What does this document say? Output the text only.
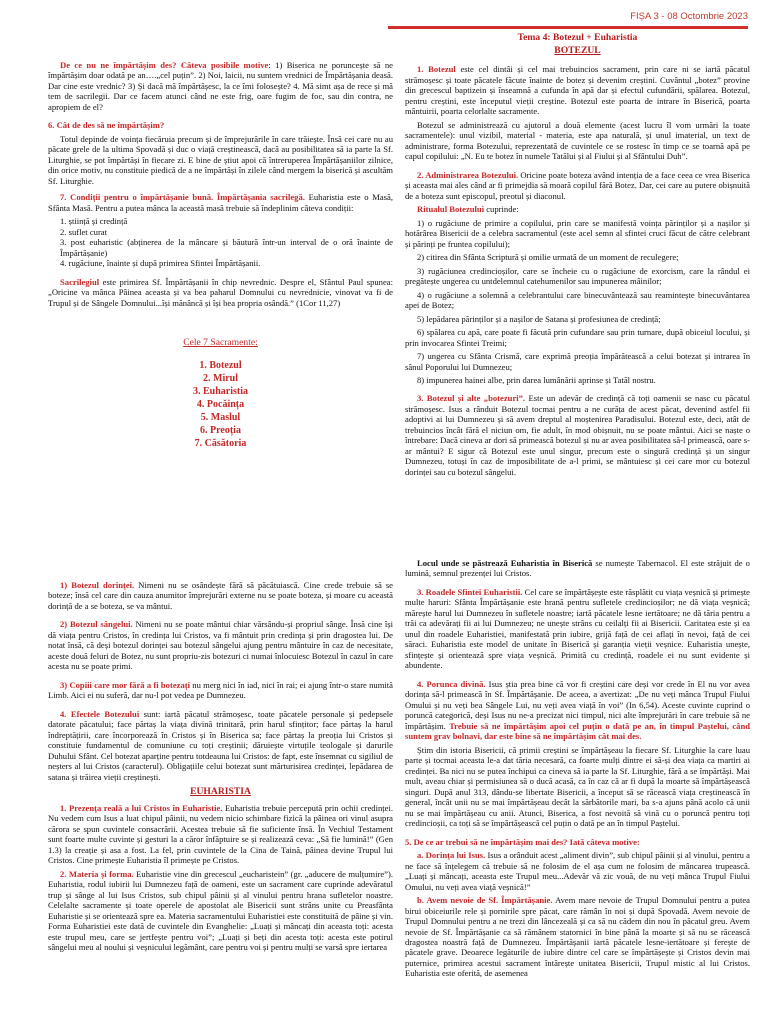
FIȘA 3 - 08 Octombrie 2023

De ce nu ne împărtășim des? Câteva posibile motive: 1) Biserica ne poruncește să ne împărtășim doar odată pe an….„cel puțin”. 2) Noi, laicii, nu suntem vrednici de Împărtășania deasă. Dar cine este vrednic? 3) Și dacă mă împărtășesc, la ce îmi folosește? 4. Mă simt așa de rece și mă tem de sacrilegii. Dar ce facem atunci când ne este frig, oare fugim de foc, sau din contra, ne apropiem de el?

6. Cât de des să ne împărtășim?

Totul depinde de voința fiecăruia precum și de împrejurările în care trăiește. Însă cei care nu au păcate grele de la ultima Spovadă și duc o viață creștinească, dacă au posibilitatea să ia parte la Sf. Liturghie, se pot împărtăși în fiecare zi. E bine de știut apoi că întreruperea Împărtășaniilor zilnice, din orice motiv, nu constituie piedică de a ne împărtăși în zilele când mergem la biserică și ascultăm Sf. Liturghie.

7. Condiții pentru o împărtășanie bună. Împărtășania sacrilegă. Euharistia este o Masă, Sfânta Masă. Pentru a putea mânca la această masă trebuie să îndeplinim câteva condiții:

1. știință și credință
2. suflet curat
3. post euharistic (abținerea de la mâncare și băutură într-un interval de o oră înainte de Împărtășanie)
4. rugăciune, înainte și după primirea Sfintei Împărtășanii.

Sacrilegiul este primirea Sf. Împărtășanii în chip nevrednic. Despre el, Sfântul Paul spunea: „Oricine va mânca Pâinea aceasta și va bea paharul Domnului cu nevrednicie, vinovat va fi de Trupul și de Sângele Domnului...își mănâncă și își bea propria osândă.” (1Cor 11,27)

Cele 7 Sacramente:
1. Botezul
2. Mirul
3. Euharistia
4. Pocăința
5. Maslul
6. Preoția
7. Căsătoria
Tema 4: Botezul + Euharistia
BOTEZUL

1. Botezul este cel dintâi și cel mai trebuincios sacrament, prin care ni se iartă păcatul strămoșesc și toate păcatele făcute înainte de botez și devenim creștini. Cuvântul „botez” provine din grecescul baptizein și înseamnă a cufunda în apă dar și efectul cufundării, spălarea. Botezul, pentru creștini, este începutul vieții creștine. Botezul este poarta de intrare în Biserică, poarta mântuirii, poarta celorlalte sacramente.

Botezul se administrează cu ajutorul a două elemente (acest lucru îl vom urmări la toate sacramentele): unul vizibil, material - materia, este apa naturală, și unul imaterial, un text de administrare, forma Botezului, reprezentată de cuvintele ce se rostesc în timp ce se toarnă apă pe capul copilului: „N. Eu te botez în numele Tatălui și al Fiului și al Sfântului Duh”.

2. Administrarea Botezului. Oricine poate boteza având intenția de a face ceea ce vrea Biserica și aceasta mai ales când ar fi primejdia să moară copilul fără Botez. Dar, cei care au putere obișnuită de a boteza sunt episcopul, preotul și diaconul.

Ritualul Botezului cuprinde:

1) o rugăciune de primire a copilului, prin care se manifestă voința părinților și a nașilor și hotărârea Bisericii de a celebra sacramentul (este acel semn al sfintei cruci făcut de către celebrant și părinți pe fruntea copilului);

2) citirea din Sfânta Scriptură și omilie urmată de un moment de reculegere;

3) rugăciunea credincioșilor, care se încheie cu o rugăciune de exorcism, care la rândul ei pregătește ungerea cu untdelemnul catehumenilor sau impunerea mâinilor;

4) o rugăciune a solemnă a celebrantului care binecuvântează sau reamintește binecuvântarea apei de Botez;

5) lepădarea părinților și a nașilor de Satana și profesiunea de credință;

6) spălarea cu apă, care poate fi făcută prin cufundare sau prin turnare, după obiceiul locului, și prin invocarea Sfintei Treimi;

7) ungerea cu Sfânta Crismă, care exprimă preoția împărătească a celui botezat și intrarea în sânul Poporului lui Dumnezeu;

8) impunerea hainei albe, prin darea lumânării aprinse și Tatăl nostru.

3. Botezul și alte „botezuri”. Este un adevăr de credință că toți oamenii se nasc cu păcatul strămoșesc. Isus a rânduit Botezul tocmai pentru a ne curăța de acest păcat, devenind astfel fii adoptivi ai lui Dumnezeu și să avem dreptul al moștenirea Paradisului. Botezul este, deci, atât de trebuincios încât fără el niciun om, fie adult, în mod obișnuit, nu se poate mântui. Aici se naște o întrebare: Dacă cineva ar dori să primească botezul și nu ar avea posibilitatea să-l primească, oare s-ar mântui? E sigur că Botezul este unul singur, precum este o singură credință și un singur Dumnezeu, totuși în caz de imposibilitate de a-l primi, se mântuiesc și cei care mor cu botezul dorinței sau cu botezul sângelui.

1) Botezul dorinței. Nimeni nu se osândește fără să păcătuiască. Cine crede trebuie să se boteze; însă cel care din cauza anumitor împrejurări externe nu se poate boteza, și moare cu această dorință de a se boteza, se va mântui.

2) Botezul sângelui. Nimeni nu se poate mântui chiar vărsându-și propriul sânge. Însă cine își dă viața pentru Cristos, în credința lui Cristos, va fi mântuit prin credința și prin dragostea lui. De notat însă, că deși botezul dorinței sau botezul sângelui ajung pentru mântuire în caz de necesitate, aceste două feluri de Botez, nu sunt propriu-zis botezuri ci numai înlocuiesc Botezul în cazul în care acesta nu se poate primi.

3) Copiii care mor fără a fi botezați nu merg nici în iad, nici în rai; ei ajung într-o stare numită Limb. Aici ei nu suferă, dar nu-l pot vedea pe Dumnezeu.

4. Efectele Botezului sunt: iartă păcatul strămoșesc, toate păcatele personale și pedepsele datorate păcatului; face părtaș la viața divină trinitară, prin harul sfințitor; face părtaș la harul îndreptățirii, care încorporează în Cristos și în Biserica sa; face părtaș la preoția lui Cristos și constituie fundamentul de comuniune cu toți creștinii; dăruiește virtuțile teologale și darurile Duhului Sfânt. Cel botezat aparține pentru totdeauna lui Cristos: de fapt, este însemnat cu sigiliul de neșters al lui Cristos (caracterul). Obligațiile celui botezat sunt mărturisirea credinței, lepădarea de satana și trăirea vieții creștinești.

EUHARISTIA

1. Prezența reală a lui Cristos în Euharistie. Euharistia trebuie percepută prin ochii credinței. Nu vedem cum Isus a luat chipul pâinii, nu vedem nicio schimbare fizică la pâinea ori vinul asupra cărora se spun cuvintele consacrării. Acestea trebuie să fie suficiente însă. În Vechiul Testament sunt foarte multe cuvinte și gesturi la a căror înfăptuire se și realizează ceva: „Să fie lumină!” (Gen 1.3) la creație și asa a fost. La fel, prin cuvintele de la Cina de Taină, pâinea devine Trupul lui Cristos. Cine primește Euharistia îl primește pe Cristos.

2. Materia și forma. Euharistie vine din grecescul „eucharistein” (gr. „aducere de mulțumire”). Euharistia, rodul iubirii lui Dumnezeu față de oameni, este un sacrament care cuprinde adevăratul trup și sânge al lui Isus Cristos, sub chipul pâinii și al vinului pentru hrana sufletelor noastre. Celelalte sacramente și toate operele de apostolat ale Bisericii sunt strâns unite cu Preasfânta Euharistie și se orientează spre ea. Materia sacramentului Euharistiei este constituită de pâine și vin. Forma Euharistiei este dată de cuvintele din Evanghelie: „Luați și mâncați din aceasta toți: acesta este trupul meu, care se jertfește pentru voi”; „Luați și beți din acesta toți: acesta este potirul sângelui meu al noului și veșnicului legământ, care pentru voi și pentru mulți se varsă spre iertarea

Locul unde se păstrează Euharistia în Biserică se numește Tabernacol. El este străjuit de o lumină, semnul prezenței lui Cristos.

3. Roadele Sfintei Euharistii. Cel care se împărtășește este răsplătit cu viața veșnică și primește multe haruri: Sfânta Împărtășanie este hrană pentru sufletele credincioșilor; ne dă viața veșnică; mărește harul lui Dumnezeu în sufletele noastre; iartă păcatele lesne iertătoare; ne dă tăria pentru a trăi ca adevărați fii ai lui Dumnezeu; ne unește strâns cu ceilalți fii ai Bisericii. Caritatea este și ea unul din roadele Euharistiei, manifestată prin iubire, grijă față de cei aflați în nevoi, față de cei săraci. Euharistia este model de unitate în Biserică și garanția vieții veșnice. Euharistia unește, sfințește și orientează spre viața veșnică. Primită cu credință, roadele ei nu sunt evidente și abundente.

4. Porunca divină. Isus știa prea bine că vor fi creștini care deși vor crede în El nu vor avea dorința să-l primească în Sf. Împărtășanie. De aceea, a avertizat: „De nu veți mânca Trupul Fiului Omului și nu veți bea Sângele Lui, nu veți avea viață în voi” (In 6,54). Aceste cuvinte cuprind o poruncă categorică, deși Isus nu ne-a precizat nici timpul, nici alte împrejurări în care trebuie să ne împărtășim. Trebuie să ne împărtășim apoi cel puțin o dată pe an, în timpul Paștelui, când suntem grav bolnavi, dar este bine să ne împărtășim cât mai des.

Știm din istoria Bisericii, că primii creștini se împărtășeau la fiecare Sf. Liturghie la care luau parte și tocmai aceasta le-a dat tăria necesară, ca foarte mulți dintre ei să-și dea viața ca martiri ai credinței. Ba nici nu se putea închipui ca cineva să ia parte la Sf. Liturghie, fără a se împărtăși. Mai mult, aveau chiar și permisiunea să o ducă acasă, ca în caz că ar fi după la moarte să împărtășească singuri. După anul 313, dându-se libertate Bisericii, a început să se răcească viața creștinească în general, încât unii nu se mai împărtășeau decât la sărbătorile mari, ba s-a ajuns până acolo că unii nu se mai împărtășeau cu anii. Atunci, Biserica, a fost nevoită să vină cu o poruncă pentru toți credincioșii, ca toți să se împărtășească cel puțin o dată pe an în timpul Paștelui.

5. De ce ar trebui să ne împărtășim mai des? Iată câteva motive:

a. Dorința lui Isus. Isus a orânduit acest „aliment divin”, sub chipul pâinii și al vinului, pentru a ne face să înțelegem că trebuie să ne folosim de el așa cum ne folosim de mâncarea trupească. „Luați și mâncați, aceasta este Trupul meu...Adevăr vă zic vouă, de nu veți mânca Trupul Fiului Omului, nu veți avea viață veșnică!”

b. Avem nevoie de Sf. Împărtășanie. Avem mare nevoie de Trupul Domnului pentru a putea birui obiceiurile rele și pornirile spre păcat, care rămân în noi și după Spovadă. Avem nevoie de Trupul Domnului pentru a ne trezi din lâncezeală și ca să nu cădem din nou în păcatul greu. Avem nevoie de Sf. Împărtășanie ca să rămânem statornici în bine până la moarte și să nu se răcească dragostea noastră față de Dumnezeu. Împărtășanii iartă păcatele lesne-iertătoare și ferește de păcatele grave. Deoarece legăturile de iubire dintre cel care se împărtășește și Cristos devin mai puternice, primirea acestui sacrament întărește unitatea Bisericii, Trupul mistic al lui Cristos. Euharistia este oferită, de asemenea
